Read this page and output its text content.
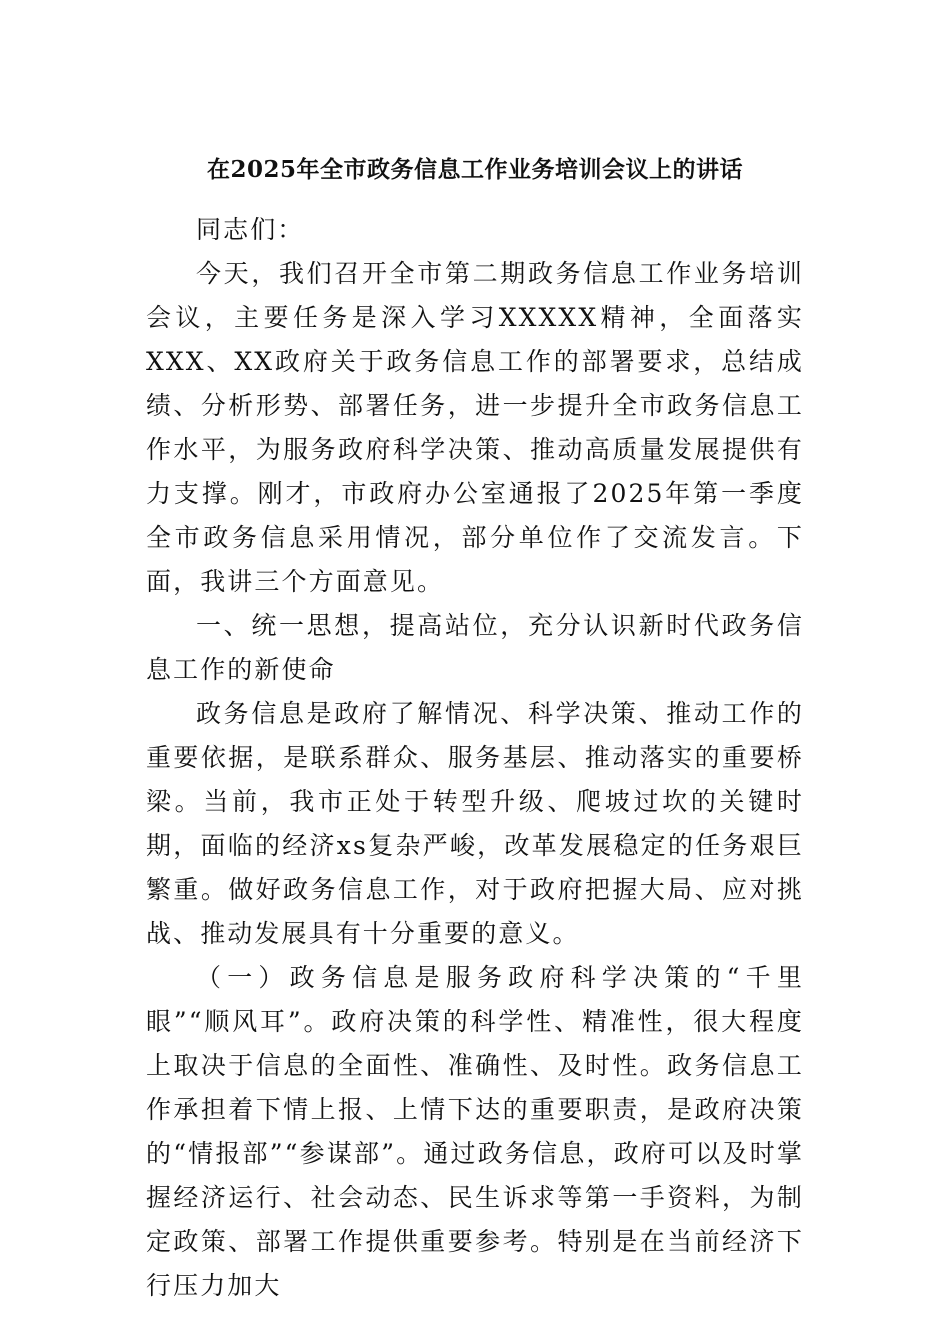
在2025年全市政务信息工作业务培训会议上的讲话

同志们：

今天，我们召开全市第二期政务信息工作业务培训会议，主要任务是深入学习XXXXX精神，全面落实XXX、XX政府关于政务信息工作的部署要求，总结成绩、分析形势、部署任务，进一步提升全市政务信息工作水平，为服务政府科学决策、推动高质量发展提供有力支撑。刚才，市政府办公室通报了2025年第一季度全市政务信息采用情况，部分单位作了交流发言。下面，我讲三个方面意见。

一、统一思想，提高站位，充分认识新时代政务信息工作的新使命

政务信息是政府了解情况、科学决策、推动工作的重要依据，是联系群众、服务基层、推动落实的重要桥梁。当前，我市正处于转型升级、爬坡过坎的关键时期，面临的经济xs复杂严峻，改革发展稳定的任务艰巨繁重。做好政务信息工作，对于政府把握大局、应对挑战、推动发展具有十分重要的意义。

（一）政务信息是服务政府科学决策的“千里眼”“顺风耳”。政府决策的科学性、精准性，很大程度上取决于信息的全面性、准确性、及时性。政务信息工作承担着下情上报、上情下达的重要职责，是政府决策的“情报部”“参谋部”。通过政务信息，政府可以及时掌握经济运行、社会动态、民生诉求等第一手资料，为制定政策、部署工作提供重要参考。特别是在当前经济下行压力加大
